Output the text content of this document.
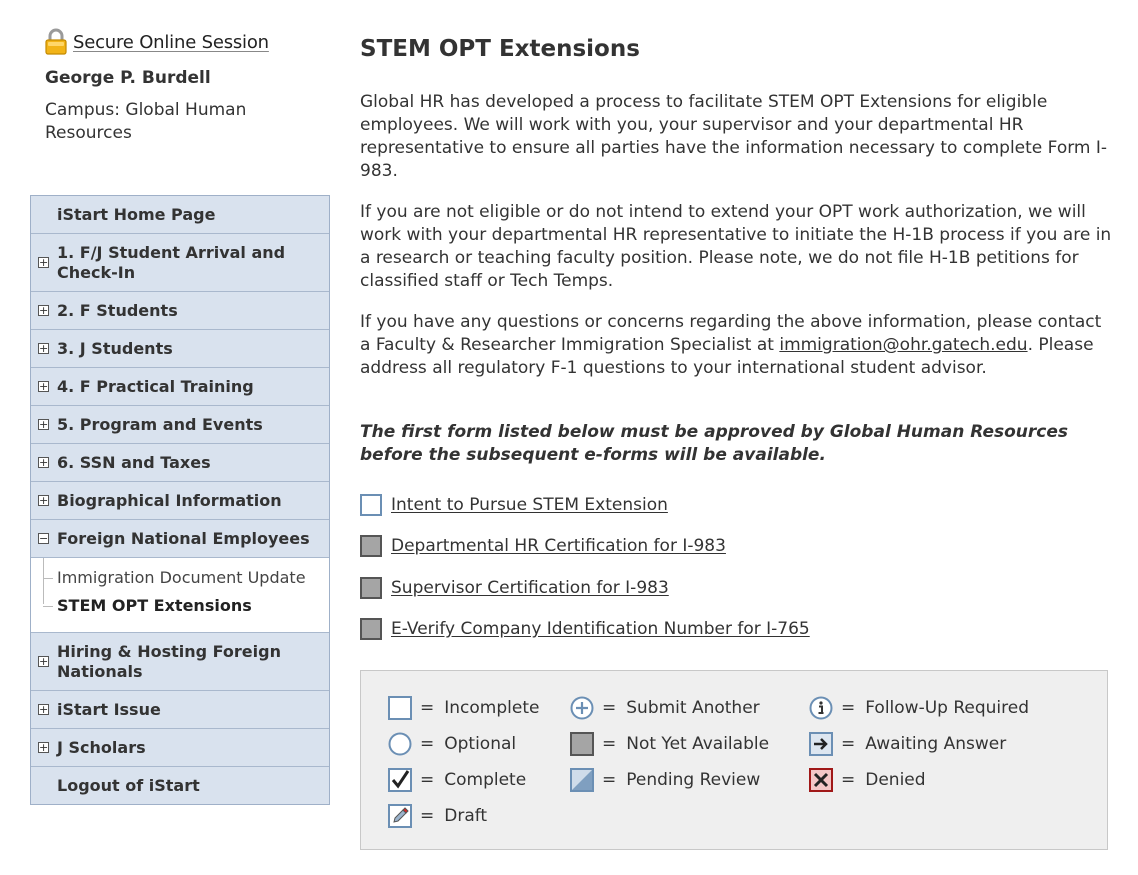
Secure Online Session
George P. Burdell
Campus: Global Human Resources
iStart Home Page
+ 1. F/J Student Arrival and Check-In
+ 2. F Students
+ 3. J Students
+ 4. F Practical Training
+ 5. Program and Events
+ 6. SSN and Taxes
+ Biographical Information
− Foreign National Employees
Immigration Document Update
STEM OPT Extensions
+ Hiring & Hosting Foreign Nationals
+ iStart Issue
+ J Scholars
Logout of iStart
STEM OPT Extensions

Global HR has developed a process to facilitate STEM OPT Extensions for eligible employees. We will work with you, your supervisor and your departmental HR representative to ensure all parties have the information necessary to complete Form I-983.

If you are not eligible or do not intend to extend your OPT work authorization, we will work with your departmental HR representative to initiate the H-1B process if you are in a research or teaching faculty position. Please note, we do not file H-1B petitions for classified staff or Tech Temps.

If you have any questions or concerns regarding the above information, please contact a Faculty & Researcher Immigration Specialist at immigration@ohr.gatech.edu. Please address all regulatory F-1 questions to your international student advisor.

The first form listed below must be approved by Global Human Resources before the subsequent e-forms will be available.
Intent to Pursue STEM Extension
Departmental HR Certification for I-983
Supervisor Certification for I-983
E-Verify Company Identification Number for I-765
= Incomplete
= Optional
= Complete
= Draft
= Submit Another
= Not Yet Available
= Pending Review
= Follow-Up Required
= Awaiting Answer
= Denied
